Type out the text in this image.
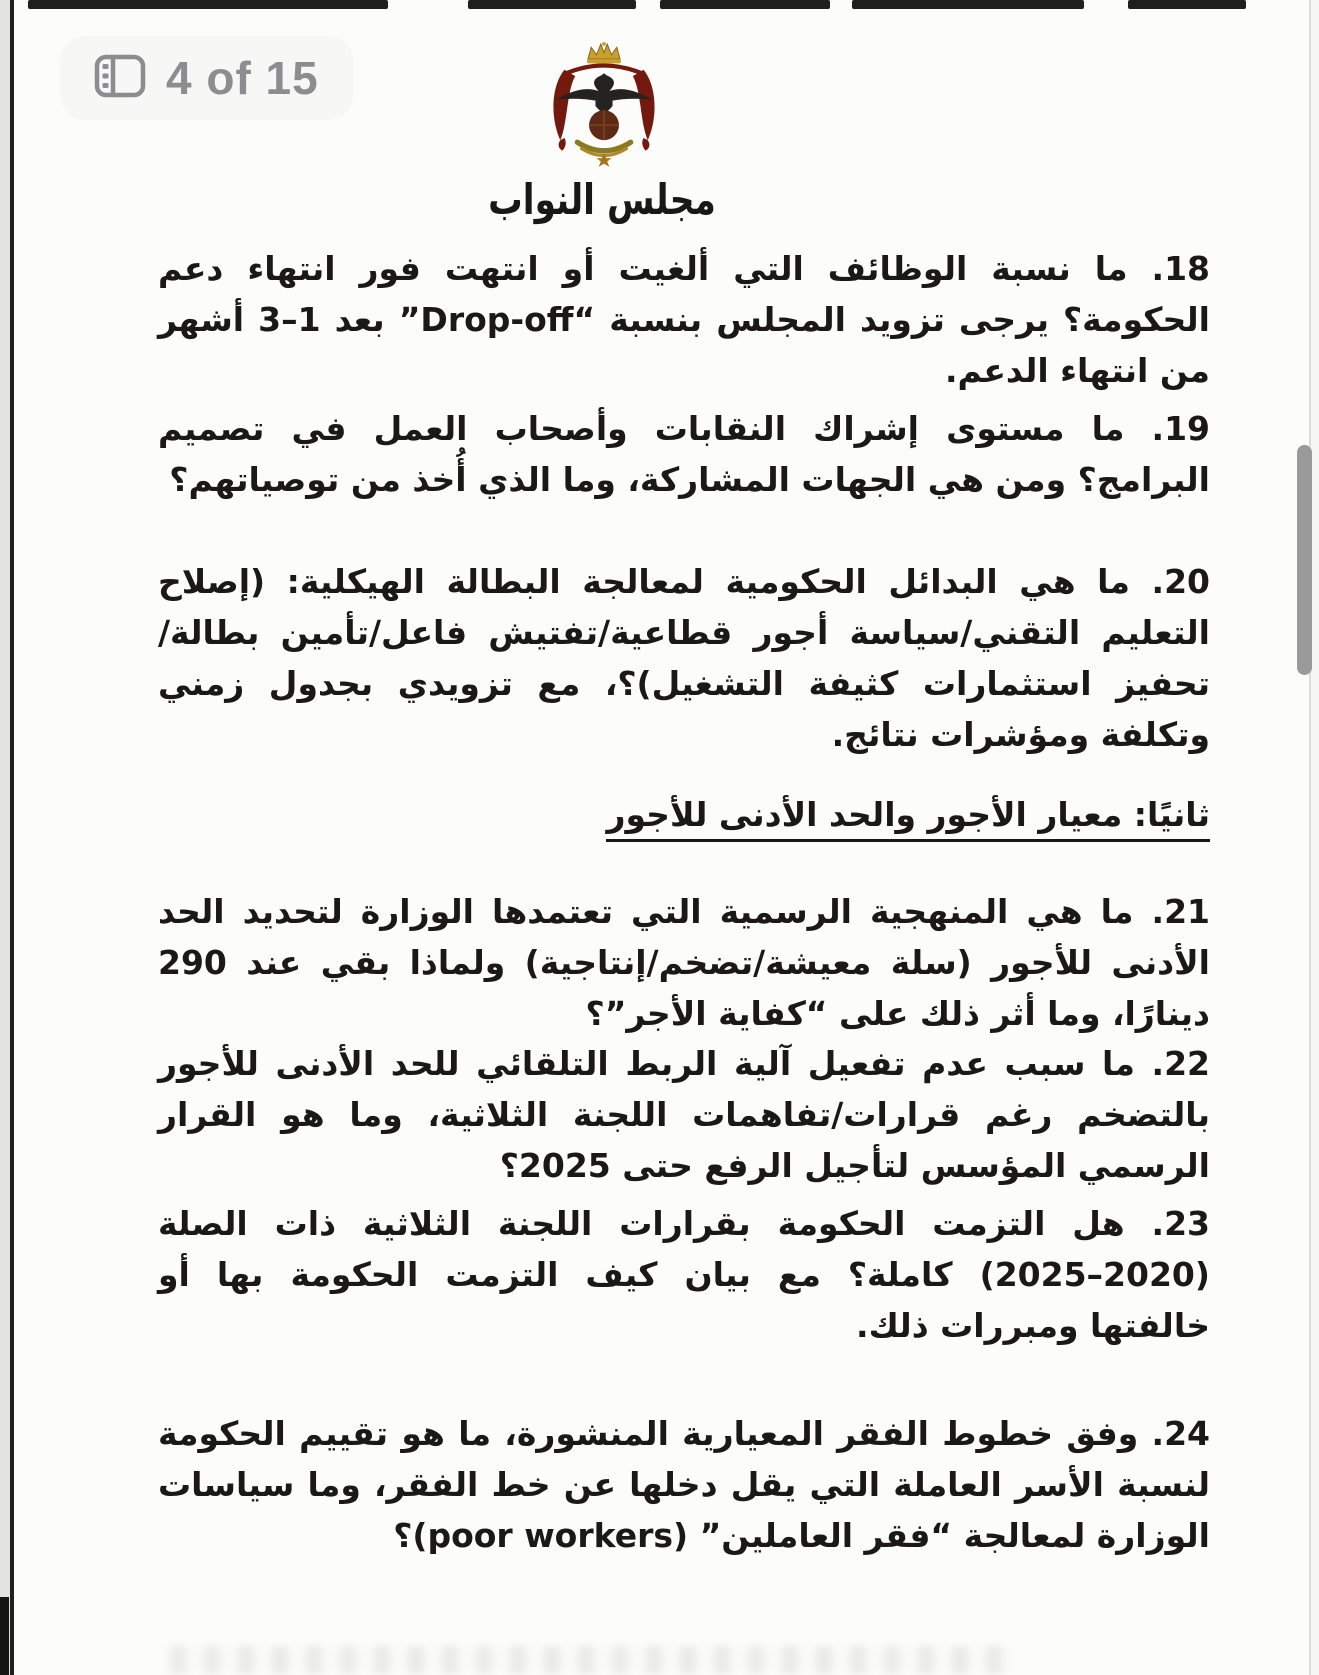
4 of 15
مجلس النواب

18. ما نسبة الوظائف التي ألغيت أو انتهت فور انتهاء دعم الحكومة؟ يرجى تزويد المجلس بنسبة “Drop-off” بعد 1–3 أشهر من انتهاء الدعم.

19. ما مستوى إشراك النقابات وأصحاب العمل في تصميم البرامج؟ ومن هي الجهات المشاركة، وما الذي أُخذ من توصياتهم؟

20. ما هي البدائل الحكومية لمعالجة البطالة الهيكلية: (إصلاح التعليم التقني/سياسة أجور قطاعية/تفتيش فاعل/تأمين بطالة/تحفيز استثمارات كثيفة التشغيل)؟، مع تزويدي بجدول زمني وتكلفة ومؤشرات نتائج.

ثانيًا: معيار الأجور والحد الأدنى للأجور

21. ما هي المنهجية الرسمية التي تعتمدها الوزارة لتحديد الحد الأدنى للأجور (سلة معيشة/تضخم/إنتاجية) ولماذا بقي عند 290 دينارًا، وما أثر ذلك على “كفاية الأجر”؟

22. ما سبب عدم تفعيل آلية الربط التلقائي للحد الأدنى للأجور بالتضخم رغم قرارات/تفاهمات اللجنة الثلاثية، وما هو القرار الرسمي المؤسس لتأجيل الرفع حتى 2025؟

23. هل التزمت الحكومة بقرارات اللجنة الثلاثية ذات الصلة (2020–2025) كاملة؟ مع بيان كيف التزمت الحكومة بها أو خالفتها ومبررات ذلك.

24. وفق خطوط الفقر المعيارية المنشورة، ما هو تقييم الحكومة لنسبة الأسر العاملة التي يقل دخلها عن خط الفقر، وما سياسات الوزارة لمعالجة “فقر العاملين” (poor workers)؟
